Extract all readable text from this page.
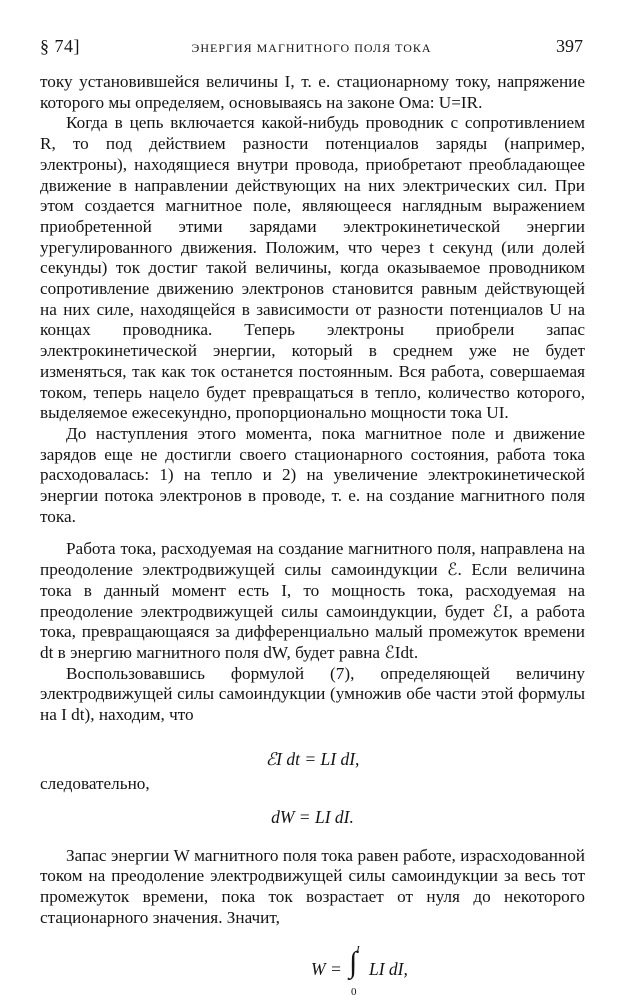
§ 74]	ЭНЕРГИЯ МАГНИТНОГО ПОЛЯ ТОКА	397

току установившейся величины I, т. е. стационарному току, напряжение которого мы определяем, основываясь на законе Ома: U=IR.

Когда в цепь включается какой-нибудь проводник с сопротивлением R, то под действием разности потенциалов заряды (например, электроны), находящиеся внутри провода, приобретают преобладающее движение в направлении действующих на них электрических сил. При этом создается магнитное поле, являющееся наглядным выражением приобретенной этими зарядами электрокинетической энергии урегулированного движения. Положим, что через t секунд (или долей секунды) ток достиг такой величины, когда оказываемое проводником сопротивление движению электронов становится равным действующей на них силе, находящейся в зависимости от разности потенциалов U на концах проводника. Теперь электроны приобрели запас электрокинетической энергии, который в среднем уже не будет изменяться, так как ток останется постоянным. Вся работа, совершаемая током, теперь нацело будет превращаться в тепло, количество которого, выделяемое ежесекундно, пропорционально мощности тока UI.

До наступления этого момента, пока магнитное поле и движение зарядов еще не достигли своего стационарного состояния, работа тока расходовалась: 1) на тепло и 2) на увеличение электрокинетической энергии потока электронов в проводе, т. е. на создание магнитного поля тока.

Работа тока, расходуемая на создание магнитного поля, направлена на преодоление электродвижущей силы самоиндукции ℰ. Если величина тока в данный момент есть I, то мощность тока, расходуемая на преодоление электродвижущей силы самоиндукции, будет ℰI, а работа тока, превращающаяся за дифференциально малый промежуток времени dt в энергию магнитного поля dW, будет равна ℰIdt.

Воспользовавшись формулой (7), определяющей величину электродвижущей силы самоиндукции (умножив обе части этой формулы на I dt), находим, что

ℰI dt = LI dI,

следовательно,

dW = LI dI.

Запас энергии W магнитного поля тока равен работе, израсходованной током на преодоление электродвижущей силы самоиндукции за весь тот промежуток времени, пока ток возрастает от нуля до некоторого стационарного значения. Значит,

W =
I
∫
0
LI dI,
